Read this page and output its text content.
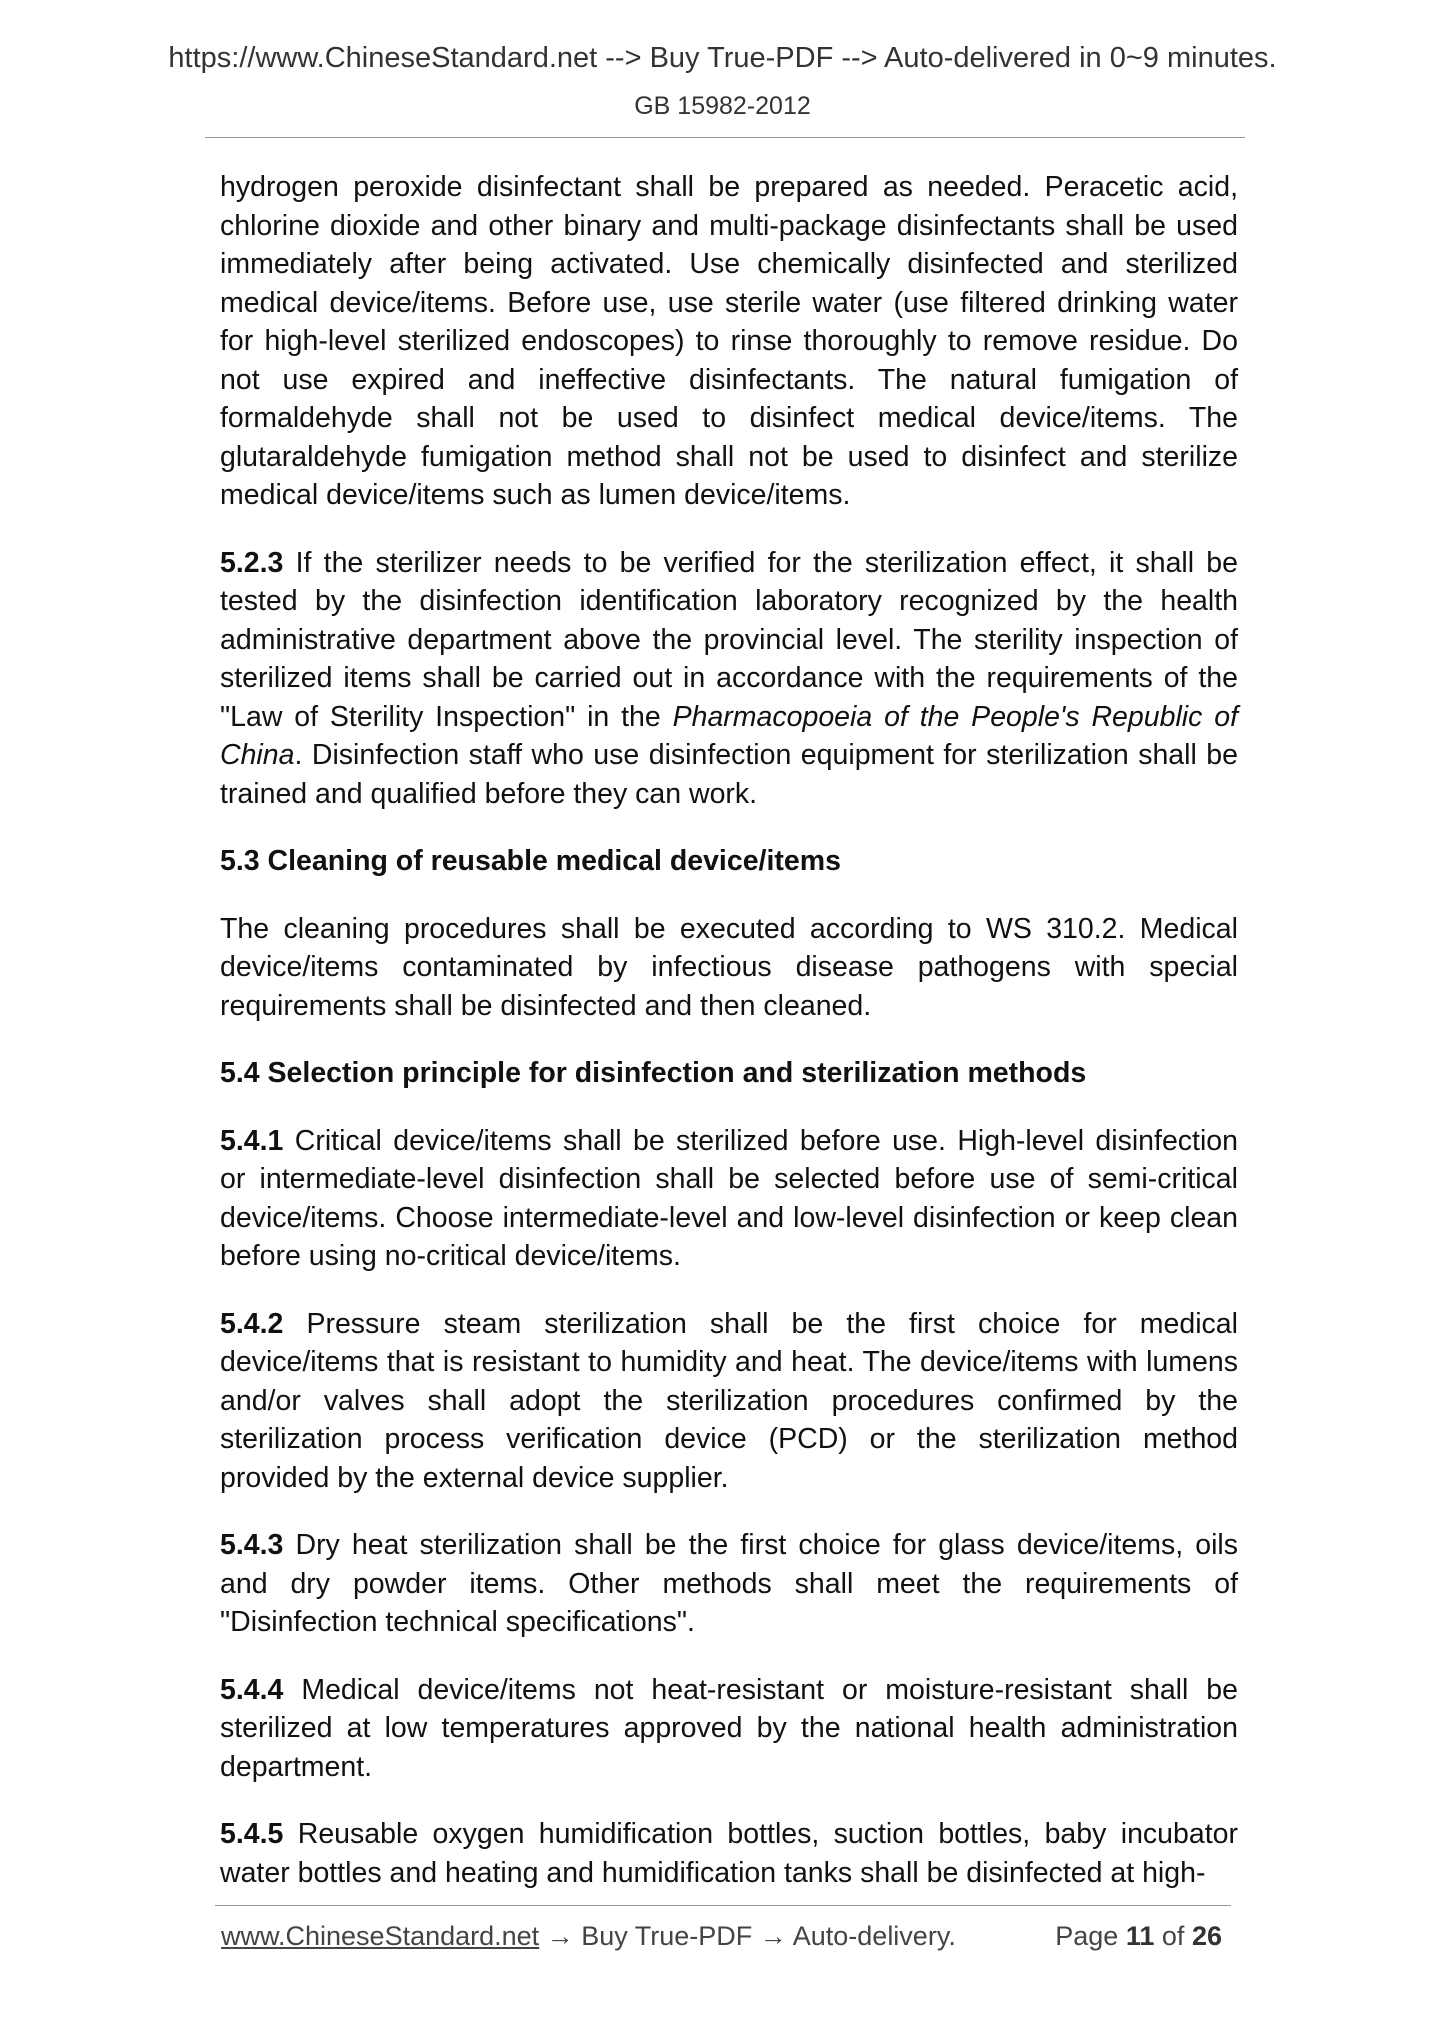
https://www.ChineseStandard.net --> Buy True-PDF --> Auto-delivered in 0~9 minutes.
GB 15982-2012

hydrogen peroxide disinfectant shall be prepared as needed. Peracetic acid, chlorine dioxide and other binary and multi-package disinfectants shall be used immediately after being activated. Use chemically disinfected and sterilized medical device/items. Before use, use sterile water (use filtered drinking water for high-level sterilized endoscopes) to rinse thoroughly to remove residue. Do not use expired and ineffective disinfectants. The natural fumigation of formaldehyde shall not be used to disinfect medical device/items. The glutaraldehyde fumigation method shall not be used to disinfect and sterilize medical device/items such as lumen device/items.

5.2.3 If the sterilizer needs to be verified for the sterilization effect, it shall be tested by the disinfection identification laboratory recognized by the health administrative department above the provincial level. The sterility inspection of sterilized items shall be carried out in accordance with the requirements of the "Law of Sterility Inspection" in the Pharmacopoeia of the People's Republic of China. Disinfection staff who use disinfection equipment for sterilization shall be trained and qualified before they can work.

5.3 Cleaning of reusable medical device/items

The cleaning procedures shall be executed according to WS 310.2. Medical device/items contaminated by infectious disease pathogens with special requirements shall be disinfected and then cleaned.

5.4 Selection principle for disinfection and sterilization methods

5.4.1 Critical device/items shall be sterilized before use. High-level disinfection or intermediate-level disinfection shall be selected before use of semi-critical device/items. Choose intermediate-level and low-level disinfection or keep clean before using no-critical device/items.

5.4.2 Pressure steam sterilization shall be the first choice for medical device/items that is resistant to humidity and heat. The device/items with lumens and/or valves shall adopt the sterilization procedures confirmed by the sterilization process verification device (PCD) or the sterilization method provided by the external device supplier.

5.4.3 Dry heat sterilization shall be the first choice for glass device/items, oils and dry powder items. Other methods shall meet the requirements of "Disinfection technical specifications".

5.4.4 Medical device/items not heat-resistant or moisture-resistant shall be sterilized at low temperatures approved by the national health administration department.

5.4.5 Reusable oxygen humidification bottles, suction bottles, baby incubator water bottles and heating and humidification tanks shall be disinfected at high-

www.ChineseStandard.net → Buy True-PDF → Auto-delivery.	Page 11 of 26
